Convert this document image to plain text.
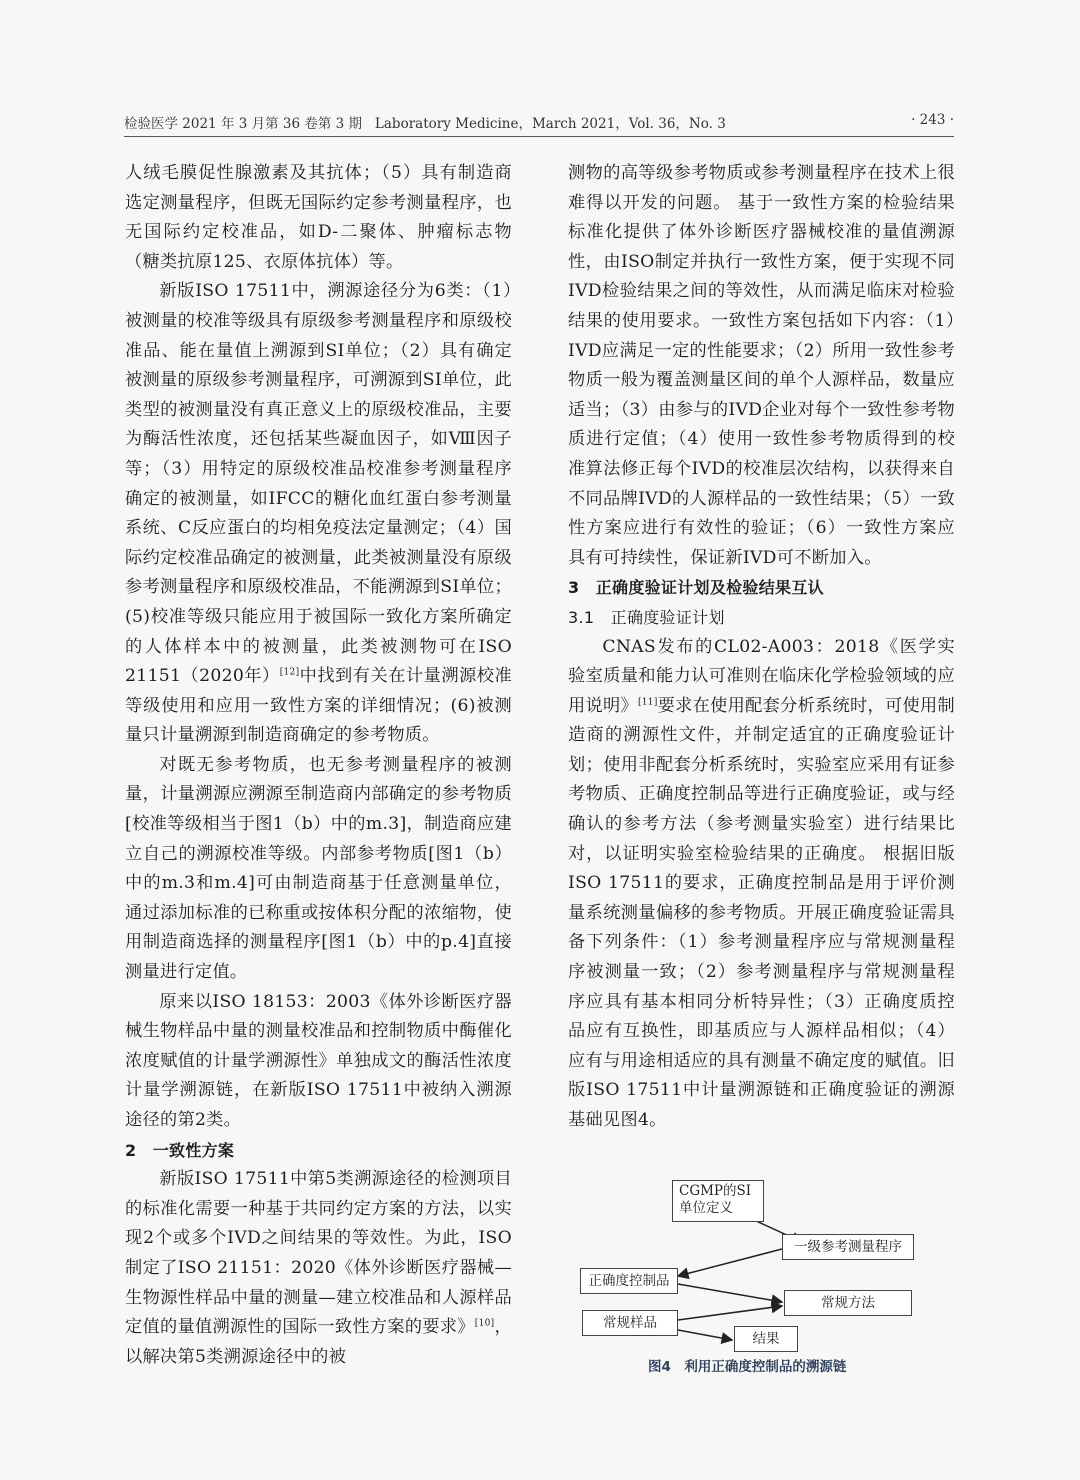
检验医学 2021 年 3 月第 36 卷第 3 期 Laboratory Medicine，March 2021，Vol. 36，No. 3	· 243 ·

人绒毛膜促性腺激素及其抗体；（5）具有制造商选定测量程序，但既无国际约定参考测量程序，也无国际约定校准品，如D-二聚体、肿瘤标志物（糖类抗原125、衣原体抗体）等。

新版ISO 17511中，溯源途径分为6类：（1）被测量的校准等级具有原级参考测量程序和原级校准品、能在量值上溯源到SI单位；（2）具有确定被测量的原级参考测量程序，可溯源到SI单位，此类型的被测量没有真正意义上的原级校准品，主要为酶活性浓度，还包括某些凝血因子，如Ⅷ因子等；（3）用特定的原级校准品校准参考测量程序确定的被测量，如IFCC的糖化血红蛋白参考测量系统、C反应蛋白的均相免疫法定量测定；（4）国际约定校准品确定的被测量，此类被测量没有原级参考测量程序和原级校准品，不能溯源到SI单位；(5)校准等级只能应用于被国际一致化方案所确定的人体样本中的被测量，此类被测物可在ISO 21151（2020年）[12]中找到有关在计量溯源校准等级使用和应用一致性方案的详细情况；(6)被测量只计量溯源到制造商确定的参考物质。

对既无参考物质，也无参考测量程序的被测量，计量溯源应溯源至制造商内部确定的参考物质[校准等级相当于图1（b）中的m.3]，制造商应建立自己的溯源校准等级。内部参考物质[图1（b）中的m.3和m.4]可由制造商基于任意测量单位，通过添加标准的已称重或按体积分配的浓缩物，使用制造商选择的测量程序[图1（b）中的p.4]直接测量进行定值。

原来以ISO 18153：2003《体外诊断医疗器械生物样品中量的测量校准品和控制物质中酶催化浓度赋值的计量学溯源性》单独成文的酶活性浓度计量学溯源链，在新版ISO 17511中被纳入溯源途径的第2类。

2　一致性方案

新版ISO 17511中第5类溯源途径的检测项目的标准化需要一种基于共同约定方案的方法，以实现2个或多个IVD之间结果的等效性。为此，ISO制定了ISO 21151：2020《体外诊断医疗器械—生物源性样品中量的测量—建立校准品和人源样品定值的量值溯源性的国际一致性方案的要求》[10]，以解决第5类溯源途径中的被

测物的高等级参考物质或参考测量程序在技术上很难得以开发的问题。 基于一致性方案的检验结果标准化提供了体外诊断医疗器械校准的量值溯源性，由ISO制定并执行一致性方案，便于实现不同IVD检验结果之间的等效性，从而满足临床对检验结果的使用要求。一致性方案包括如下内容：（1）IVD应满足一定的性能要求；（2）所用一致性参考物质一般为覆盖测量区间的单个人源样品，数量应适当；（3）由参与的IVD企业对每个一致性参考物质进行定值；（4）使用一致性参考物质得到的校准算法修正每个IVD的校准层次结构，以获得来自不同品牌IVD的人源样品的一致性结果；（5）一致性方案应进行有效性的验证；（6）一致性方案应具有可持续性，保证新IVD可不断加入。

3　正确度验证计划及检验结果互认

3.1　正确度验证计划

CNAS发布的CL02-A003：2018《医学实验室质量和能力认可准则在临床化学检验领域的应用说明》[11]要求在使用配套分析系统时，可使用制造商的溯源性文件，并制定适宜的正确度验证计划；使用非配套分析系统时，实验室应采用有证参考物质、正确度控制品等进行正确度验证，或与经确认的参考方法（参考测量实验室）进行结果比对，以证明实验室检验结果的正确度。 根据旧版ISO 17511的要求，正确度控制品是用于评价测量系统测量偏移的参考物质。开展正确度验证需具备下列条件：（1）参考测量程序应与常规测量程序被测量一致；（2）参考测量程序与常规测量程序应具有基本相同分析特异性；（3）正确度质控品应有互换性，即基质应与人源样品相似；（4）应有与用途相适应的具有测量不确定度的赋值。旧版ISO 17511中计量溯源链和正确度验证的溯源基础见图4。

CGMP的SI单位定义
一级参考测量程序
正确度控制品
常规方法
常规样品
结果
图4　利用正确度控制品的溯源链
